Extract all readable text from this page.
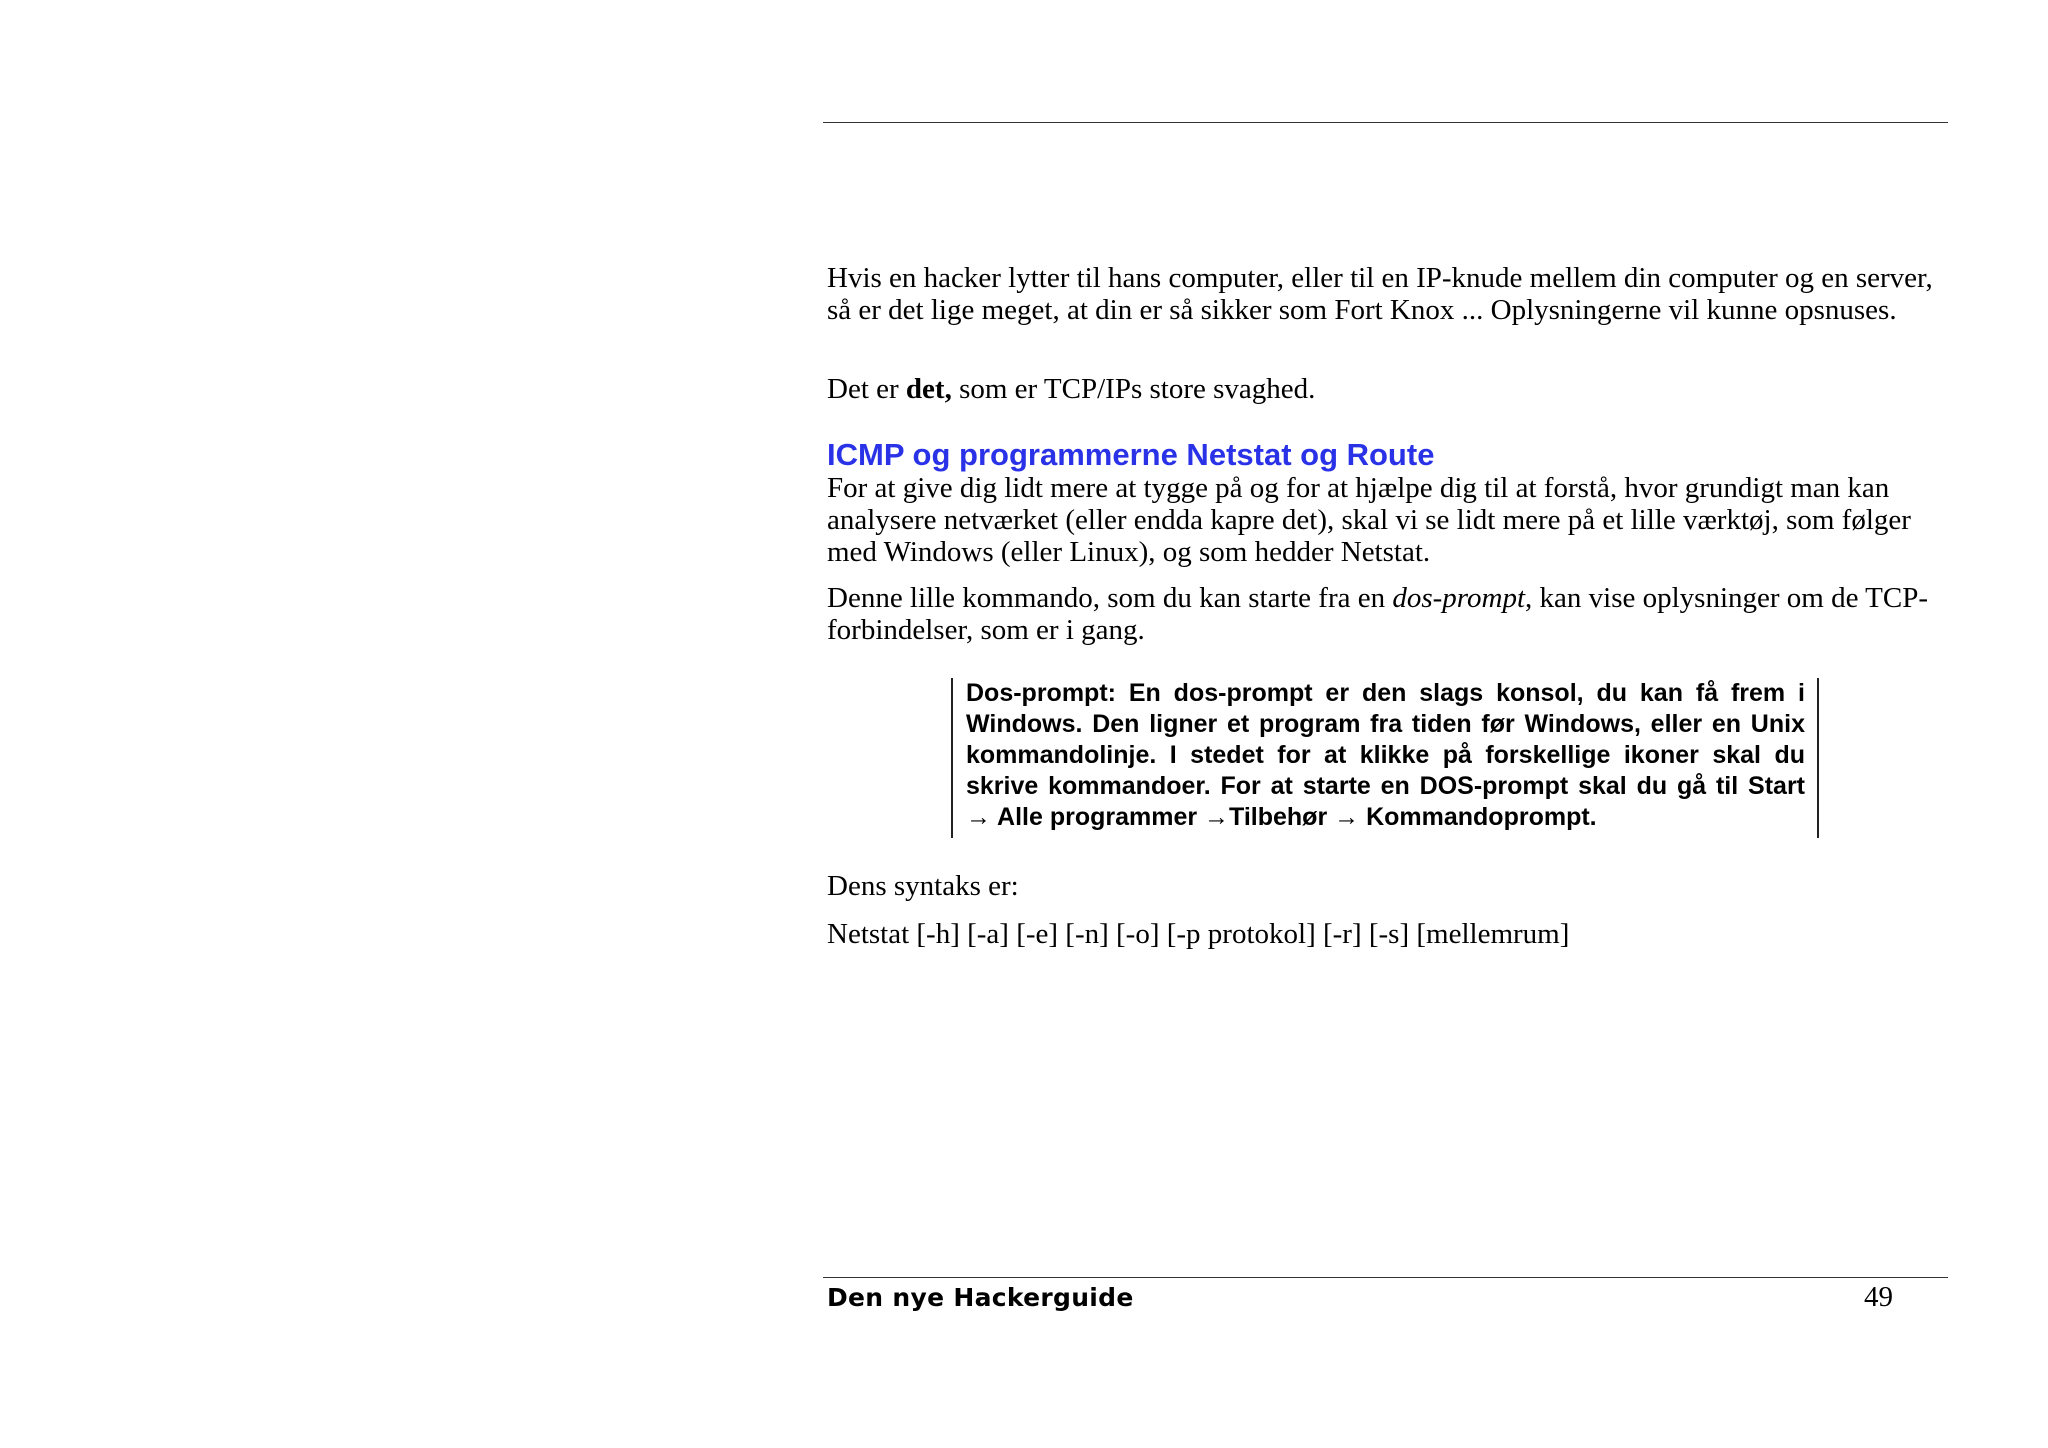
Hvis en hacker lytter til hans computer, eller til en IP-knude mellem din computer og en server, så er det lige meget, at din er så sikker som Fort Knox ... Oplysningerne vil kunne opsnuses.
Det er det, som er TCP/IPs store svaghed.
ICMP og programmerne Netstat og Route
For at give dig lidt mere at tygge på og for at hjælpe dig til at forstå, hvor grundigt man kan analysere netværket (eller endda kapre det), skal vi se lidt mere på et lille værktøj, som følger med Windows (eller Linux), og som hedder Netstat.
Denne lille kommando, som du kan starte fra en dos-prompt, kan vise oplysninger om de TCP-forbindelser, som er i gang.
Dos-prompt: En dos-prompt er den slags konsol, du kan få frem i Windows. Den ligner et program fra tiden før Windows, eller en Unix kommandolinje. I stedet for at klikke på forskellige ikoner skal du skrive kommandoer. For at starte en DOS-prompt skal du gå til Start → Alle programmer →Tilbehør → Kommandoprompt.
Dens syntaks er:
Netstat [-h] [-a] [-e] [-n] [-o] [-p protokol] [-r] [-s] [mellemrum]
Den nye Hackerguide	49
